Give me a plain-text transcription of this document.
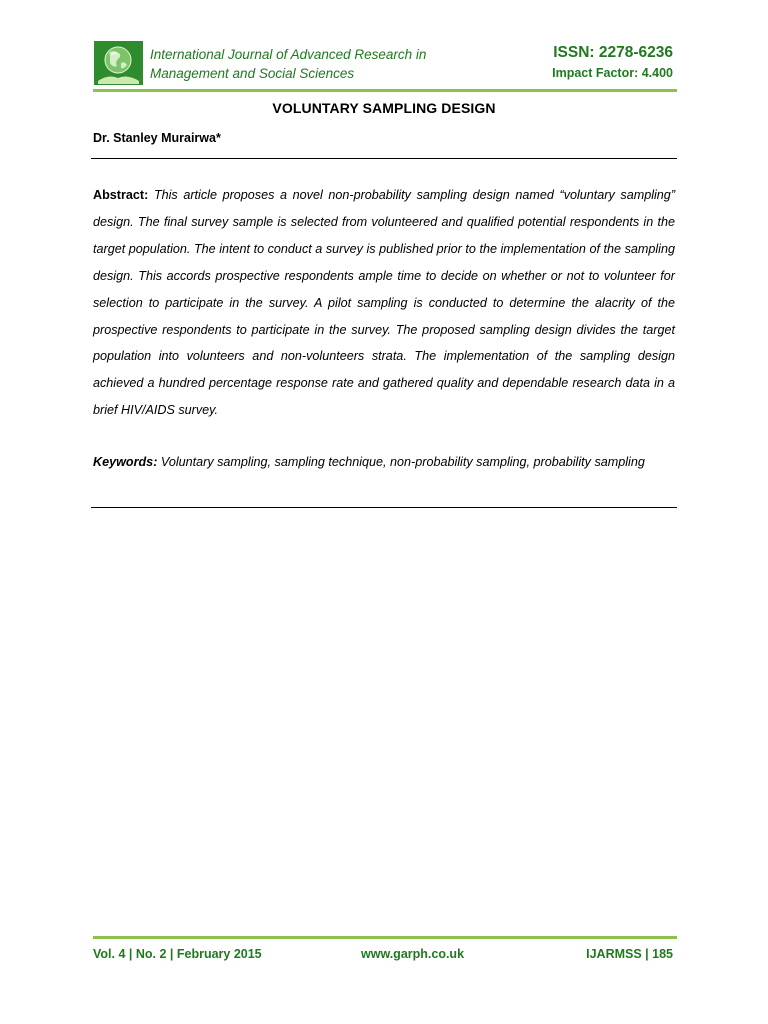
International Journal of Advanced Research in
Management and Social Sciences
ISSN: 2278-6236
Impact Factor: 4.400
VOLUNTARY SAMPLING DESIGN
Dr. Stanley Murairwa*
Abstract: This article proposes a novel non-probability sampling design named “voluntary sampling” design. The final survey sample is selected from volunteered and qualified potential respondents in the target population. The intent to conduct a survey is published prior to the implementation of the sampling design. This accords prospective respondents ample time to decide on whether or not to volunteer for selection to participate in the survey. A pilot sampling is conducted to determine the alacrity of the prospective respondents to participate in the survey. The proposed sampling design divides the target population into volunteers and non-volunteers strata. The implementation of the sampling design achieved a hundred percentage response rate and gathered quality and dependable research data in a brief HIV/AIDS survey.
Keywords: Voluntary sampling, sampling technique, non-probability sampling, probability sampling
Vol. 4 | No. 2 | February 2015	www.garph.co.uk	IJARMSS | 185
